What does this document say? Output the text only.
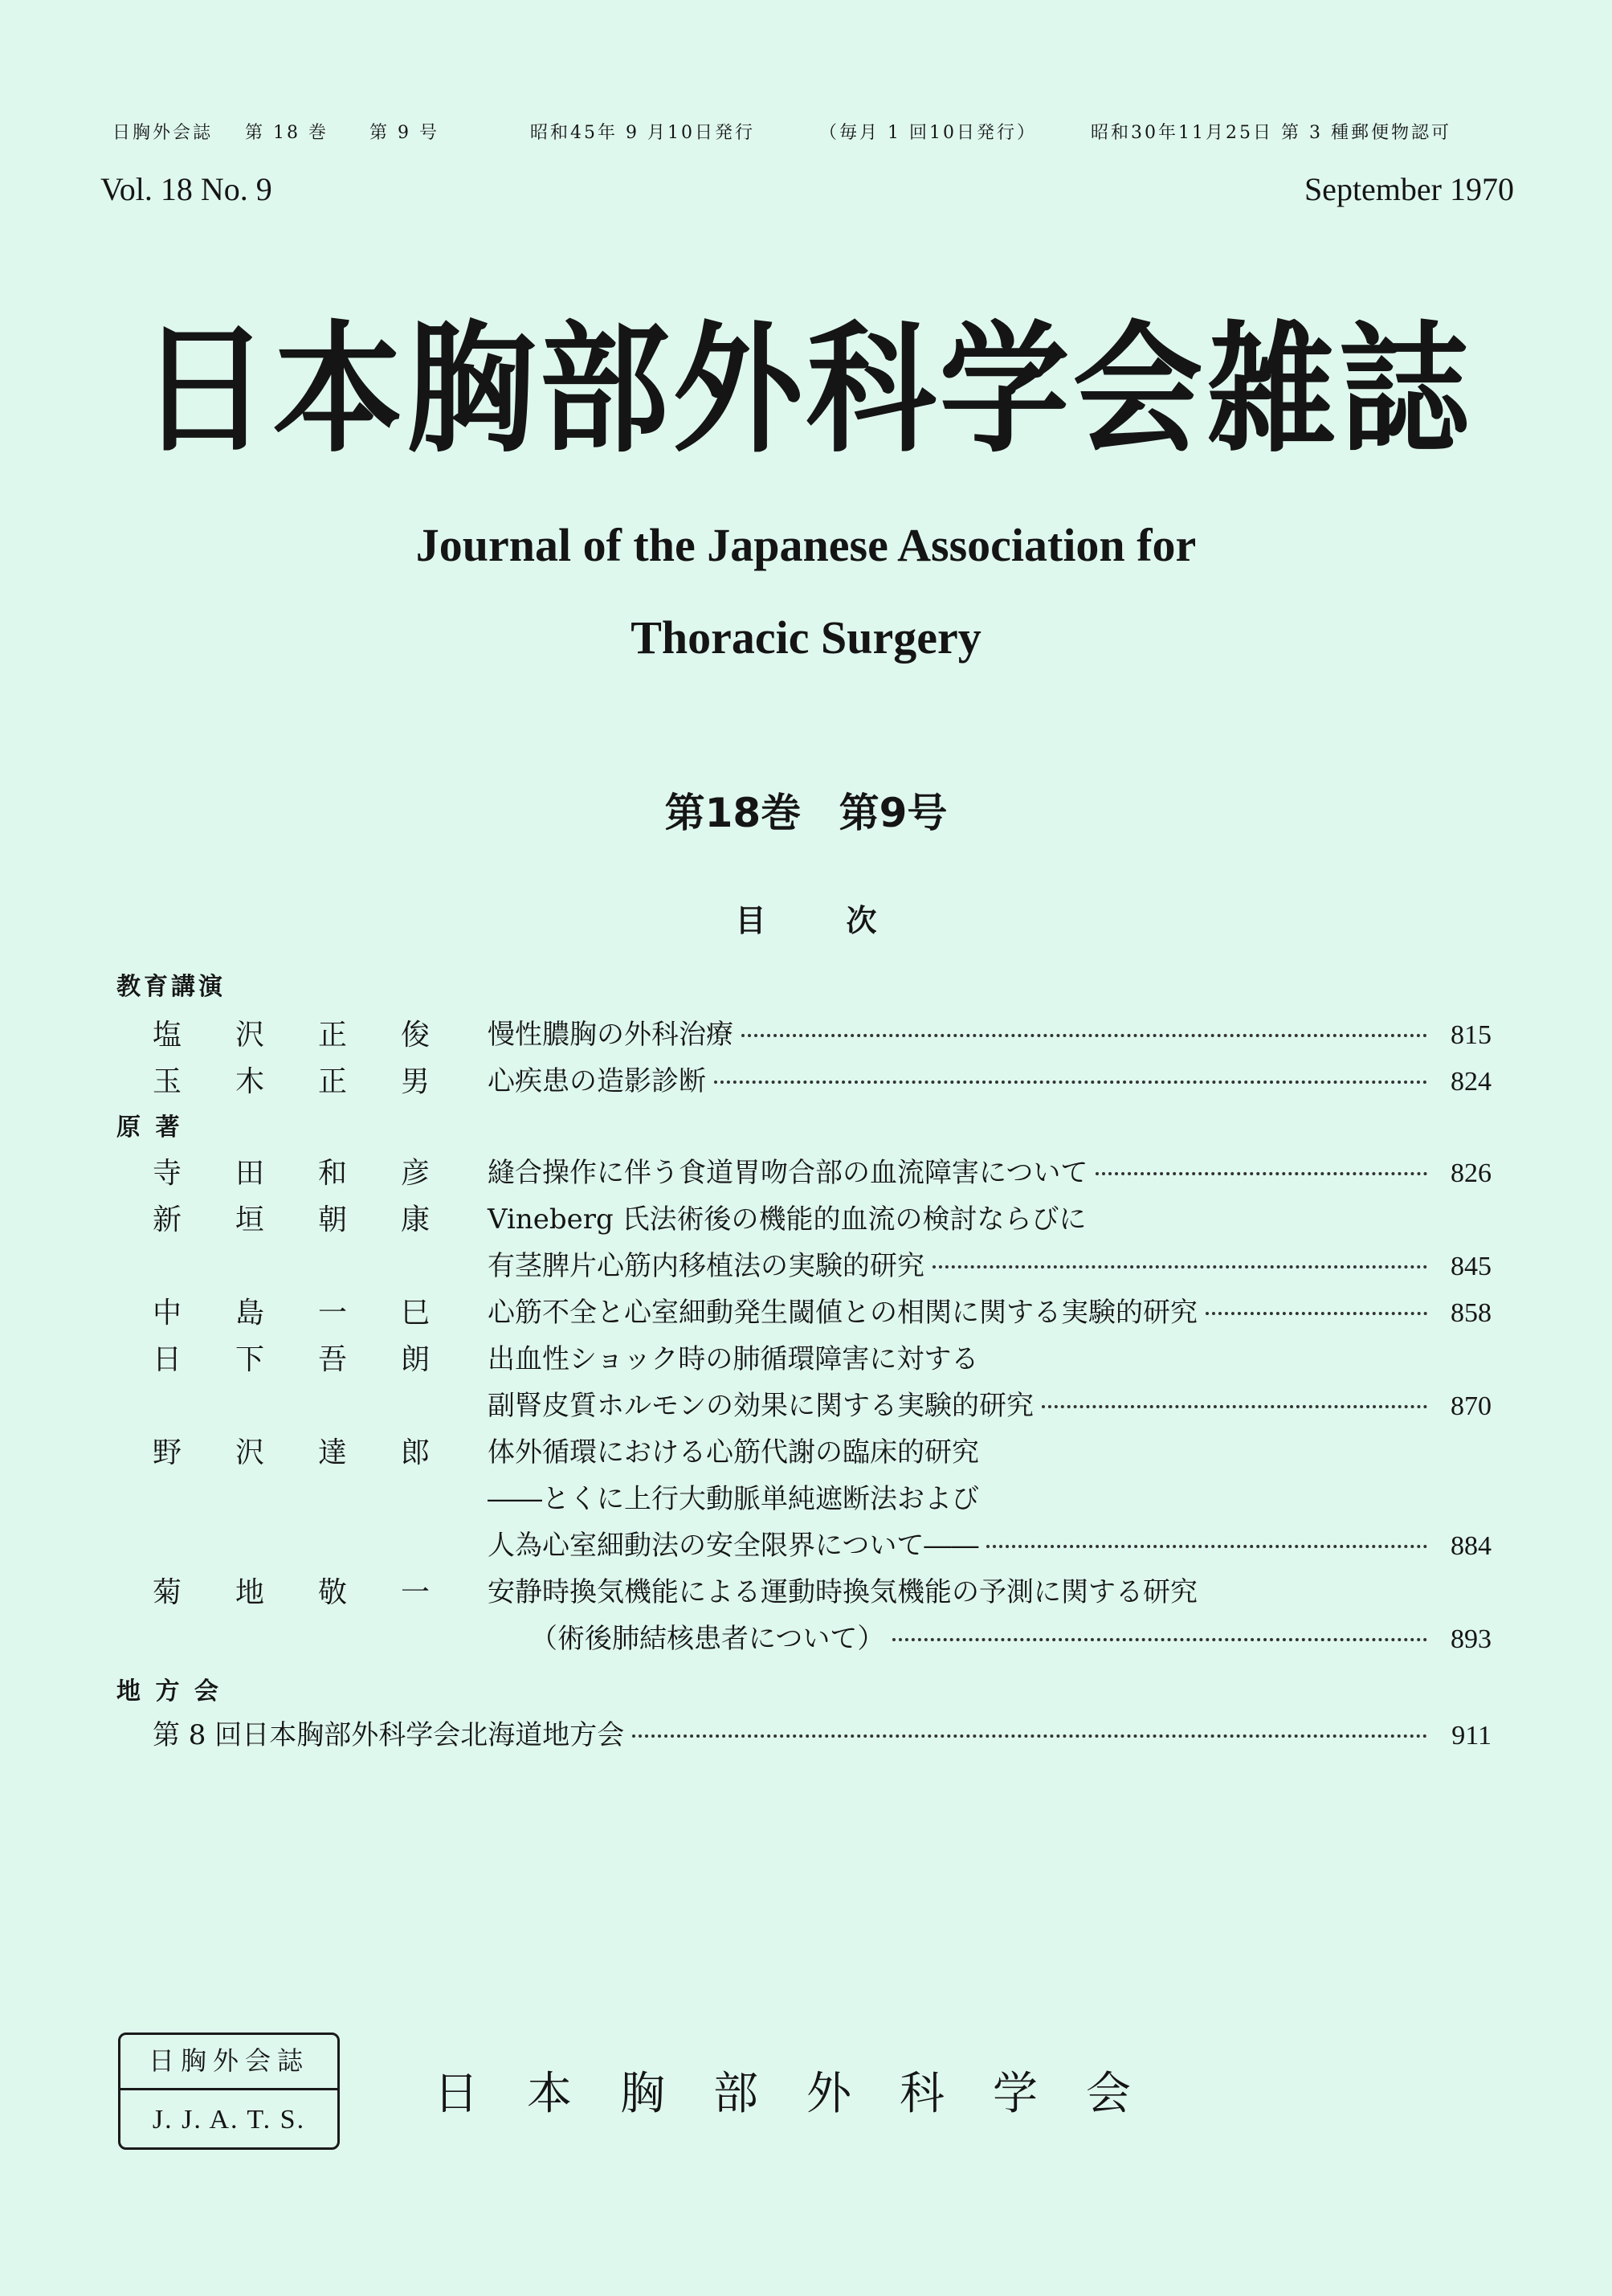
日胸外会誌 第 18 巻 第 9 号	昭和45年 9 月10日発行	（毎月 1 回10日発行）	昭和30年11月25日 第 3 種郵便物認可
Vol. 18 No. 9	September 1970
日本胸部外科学会雑誌
Journal of the Japanese Association for
Thoracic Surgery
第18巻 第9号
目次
教育講演
塩 沢 正 俊 慢性膿胸の外科治療	815
玉 木 正 男 心疾患の造影診断	824
原 著
寺 田 和 彦 縫合操作に伴う食道胃吻合部の血流障害について	826
新 垣 朝 康 Vineberg 氏法術後の機能的血流の検討ならびに
有茎脾片心筋内移植法の実験的研究	845
中 島 一 巳 心筋不全と心室細動発生閾値との相関に関する実験的研究	858
日 下 吾 朗 出血性ショック時の肺循環障害に対する
副腎皮質ホルモンの効果に関する実験的研究	870
野 沢 達 郎 体外循環における心筋代謝の臨床的研究
――とくに上行大動脈単純遮断法および
人為心室細動法の安全限界について――	884
菊 地 敬 一 安静時換気機能による運動時換気機能の予測に関する研究
（術後肺結核患者について）	893
地 方 会
第 8 回日本胸部外科学会北海道地方会	911
日胸外会誌
J. J. A. T. S.	日本胸部外科学会
